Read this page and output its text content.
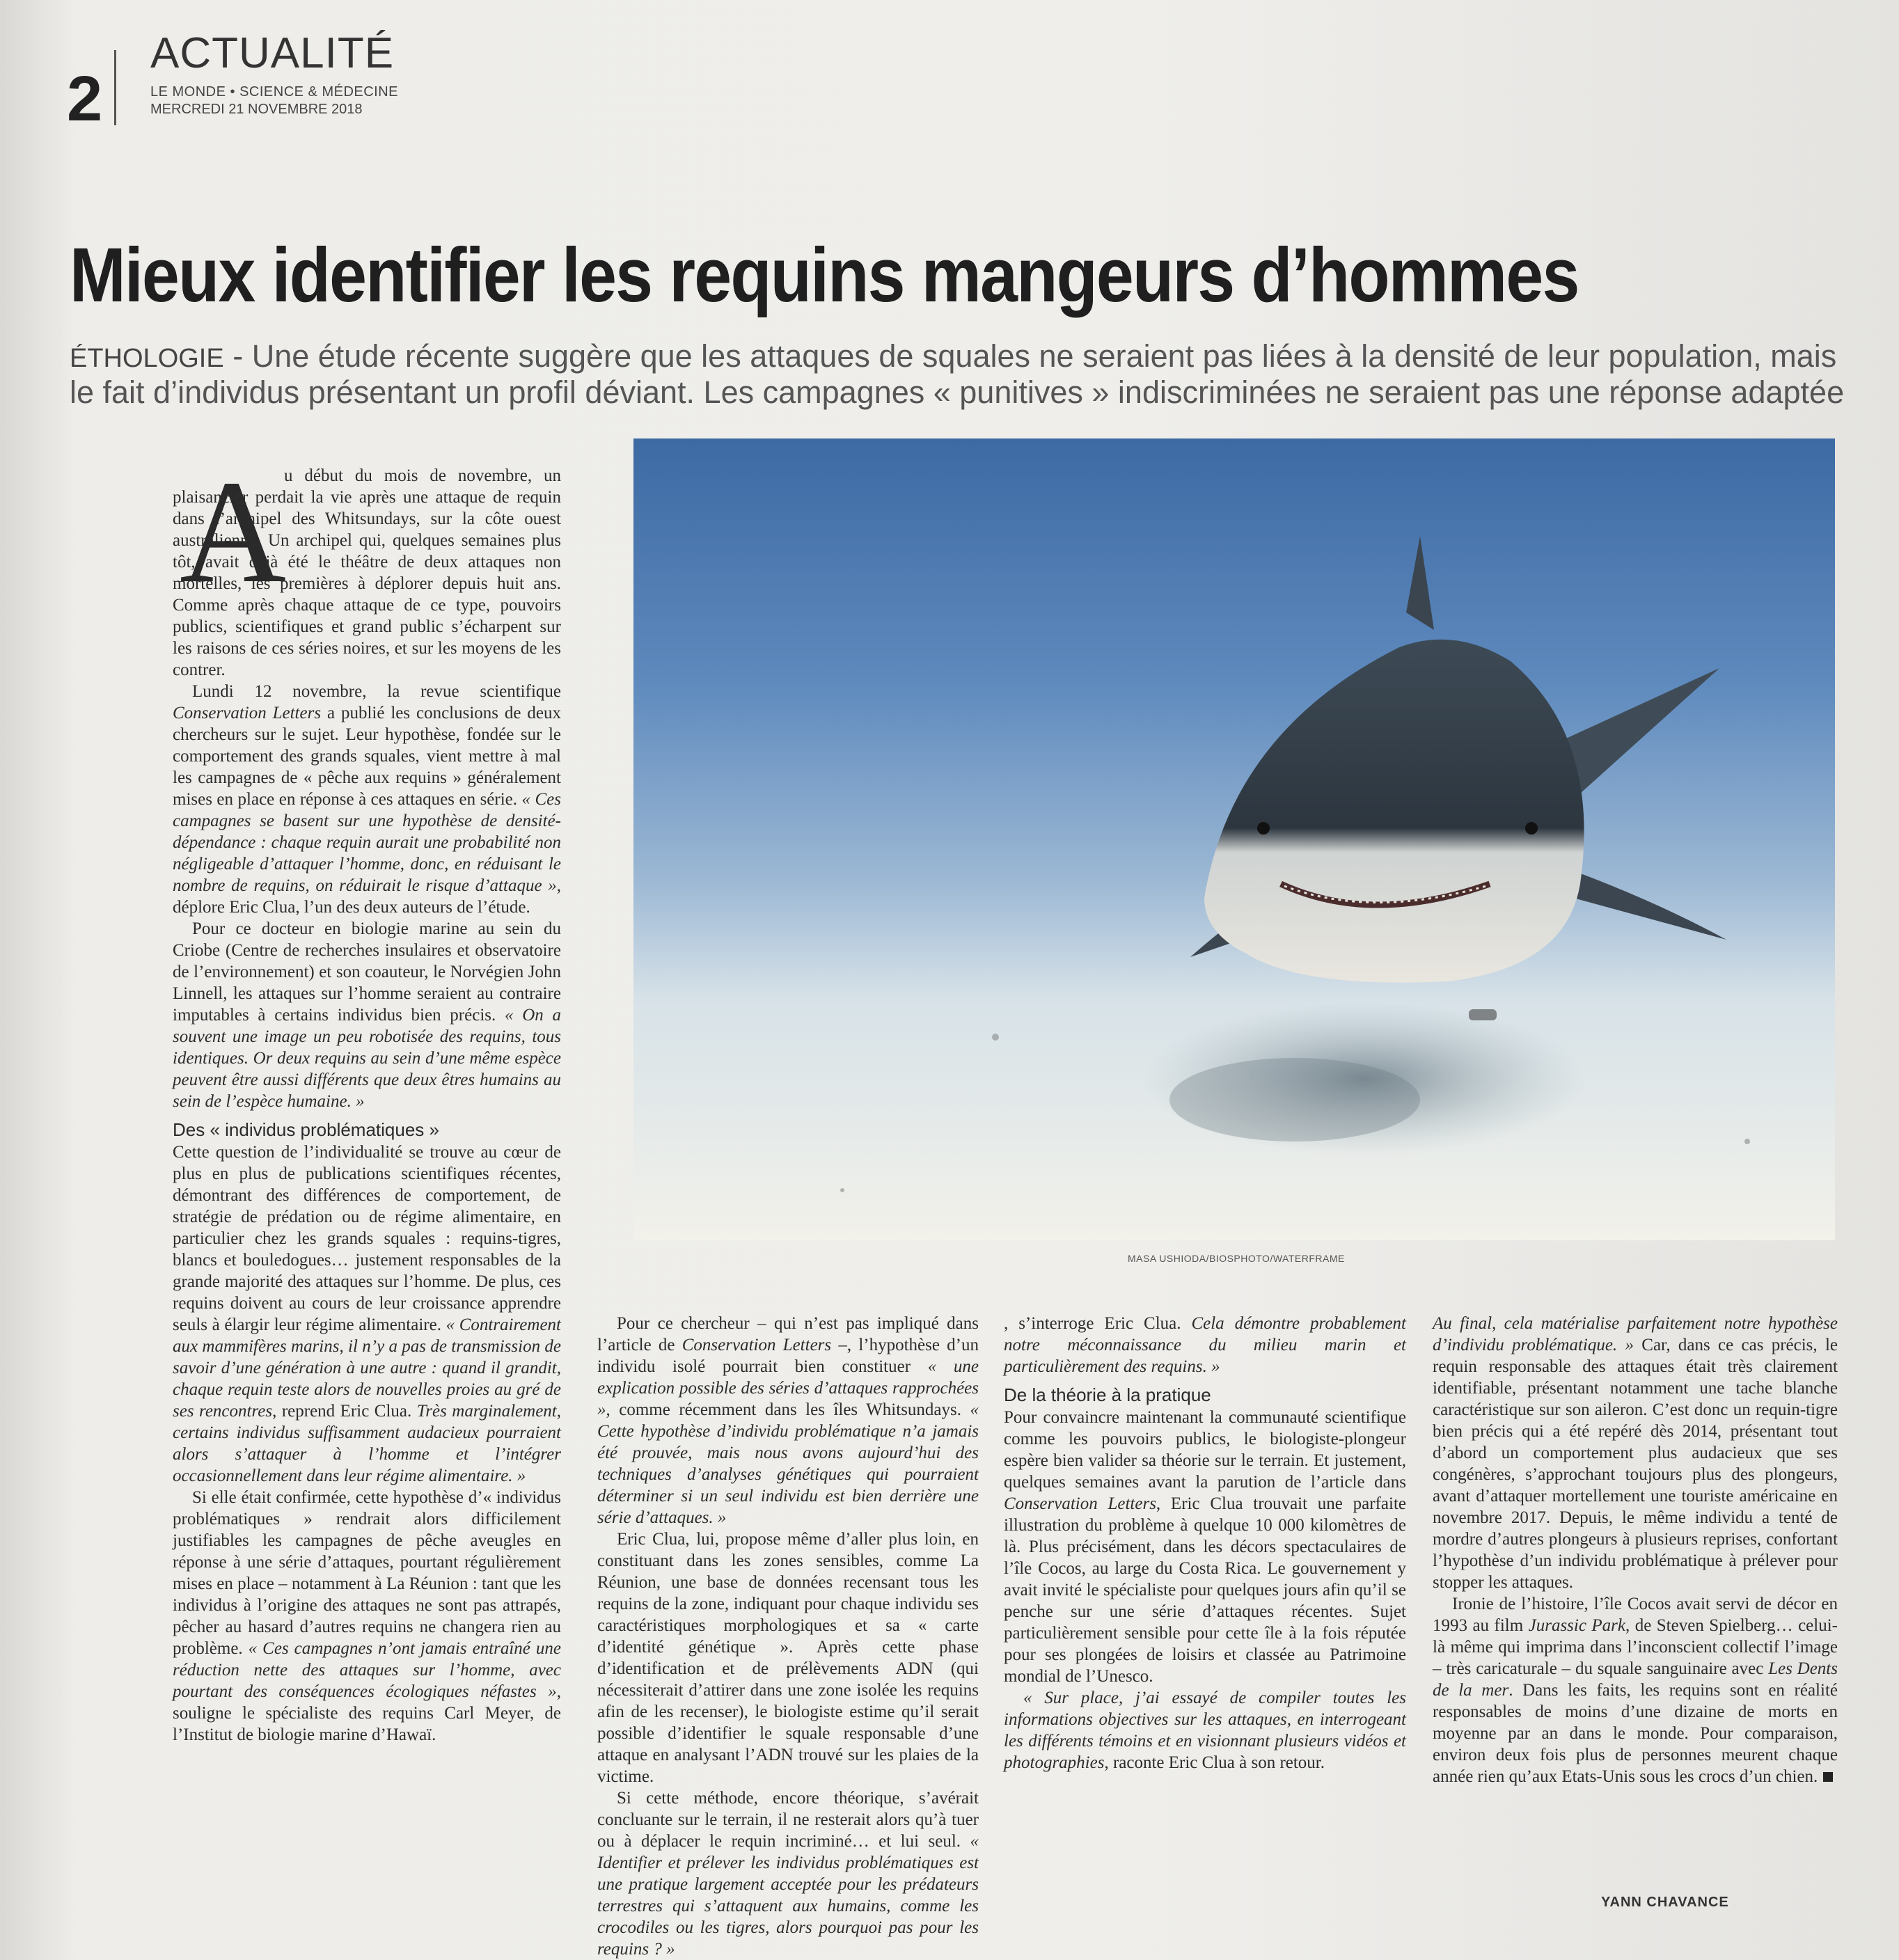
2
ACTUALITÉ
LE MONDE • SCIENCE & MÉDECINE
MERCREDI 21 NOVEMBRE 2018
Mieux identifier les requins mangeurs d’hommes
ÉTHOLOGIE - Une étude récente suggère que les attaques de squales ne seraient pas liées à la densité de leur population, mais le fait d’individus présentant un profil déviant. Les campagnes « punitives » indiscriminées ne seraient pas une réponse adaptée
MASA USHIODA/BIOSPHOTO/WATERFRAME
A

u début du mois de novembre, un plaisancier perdait la vie après une attaque de requin dans l’archipel des Whitsundays, sur la côte ouest australienne. Un archipel qui, quelques semaines plus tôt, avait déjà été le théâtre de deux attaques non mortelles, les premières à déplorer depuis huit ans. Comme après chaque attaque de ce type, pouvoirs publics, scientifiques et grand public s’écharpent sur les raisons de ces séries noires, et sur les moyens de les contrer.

Lundi 12 novembre, la revue scientifique Conservation Letters a publié les conclusions de deux chercheurs sur le sujet. Leur hypothèse, fondée sur le comportement des grands squales, vient mettre à mal les campagnes de « pêche aux requins » généralement mises en place en réponse à ces attaques en série. « Ces campagnes se basent sur une hypothèse de densité-dépendance : chaque requin aurait une probabilité non négligeable d’attaquer l’homme, donc, en réduisant le nombre de requins, on réduirait le risque d’attaque », déplore Eric Clua, l’un des deux auteurs de l’étude.

Pour ce docteur en biologie marine au sein du Criobe (Centre de recherches insulaires et observatoire de l’environnement) et son coauteur, le Norvégien John Linnell, les attaques sur l’homme seraient au contraire imputables à certains individus bien précis. « On a souvent une image un peu robotisée des requins, tous identiques. Or deux requins au sein d’une même espèce peuvent être aussi différents que deux êtres humains au sein de l’espèce humaine. »

Des « individus problématiques »

Cette question de l’individualité se trouve au cœur de plus en plus de publications scientifiques récentes, démontrant des différences de comportement, de stratégie de prédation ou de régime alimentaire, en particulier chez les grands squales : requins-tigres, blancs et bouledogues… justement responsables de la grande majorité des attaques sur l’homme. De plus, ces requins doivent au cours de leur croissance apprendre seuls à élargir leur régime alimentaire. « Contrairement aux mammifères marins, il n’y a pas de transmission de savoir d’une génération à une autre : quand il grandit, chaque requin teste alors de nouvelles proies au gré de ses rencontres, reprend Eric Clua. Très marginalement, certains individus suffisamment audacieux pourraient alors s’attaquer à l’homme et l’intégrer occasionnellement dans leur régime alimentaire. »

Si elle était confirmée, cette hypothèse d’« individus problématiques » rendrait alors difficilement justifiables les campagnes de pêche aveugles en réponse à une série d’attaques, pourtant régulièrement mises en place – notamment à La Réunion : tant que les individus à l’origine des attaques ne sont pas attrapés, pêcher au hasard d’autres requins ne changera rien au problème. « Ces campagnes n’ont jamais entraîné une réduction nette des attaques sur l’homme, avec pourtant des conséquences écologiques néfastes », souligne le spécialiste des requins Carl Meyer, de l’Institut de biologie marine d’Hawaï.

Pour ce chercheur – qui n’est pas impliqué dans l’article de Conservation Letters –, l’hypothèse d’un individu isolé pourrait bien constituer « une explication possible des séries d’attaques rapprochées », comme récemment dans les îles Whitsundays. « Cette hypothèse d’individu problématique n’a jamais été prouvée, mais nous avons aujourd’hui des techniques d’analyses génétiques qui pourraient déterminer si un seul individu est bien derrière une série d’attaques. »

Eric Clua, lui, propose même d’aller plus loin, en constituant dans les zones sensibles, comme La Réunion, une base de données recensant tous les requins de la zone, indiquant pour chaque individu ses caractéristiques morphologiques et sa « carte d’identité génétique ». Après cette phase d’identification et de prélèvements ADN (qui nécessiterait d’attirer dans une zone isolée les requins afin de les recenser), le biologiste estime qu’il serait possible d’identifier le squale responsable d’une attaque en analysant l’ADN trouvé sur les plaies de la victime.

Si cette méthode, encore théorique, s’avérait concluante sur le terrain, il ne resterait alors qu’à tuer ou à déplacer le requin incriminé… et lui seul. « Identifier et prélever les individus problématiques est une pratique largement acceptée pour les prédateurs terrestres qui s’attaquent aux humains, comme les crocodiles ou les tigres, alors pourquoi pas pour les requins ? »

, s’interroge Eric Clua. Cela démontre probablement notre méconnaissance du milieu marin et particulièrement des requins. »

De la théorie à la pratique

Pour convaincre maintenant la communauté scientifique comme les pouvoirs publics, le biologiste-plongeur espère bien valider sa théorie sur le terrain. Et justement, quelques semaines avant la parution de l’article dans Conservation Letters, Eric Clua trouvait une parfaite illustration du problème à quelque 10 000 kilomètres de là. Plus précisément, dans les décors spectaculaires de l’île Cocos, au large du Costa Rica. Le gouvernement y avait invité le spécialiste pour quelques jours afin qu’il se penche sur une série d’attaques récentes. Sujet particulièrement sensible pour cette île à la fois réputée pour ses plongées de loisirs et classée au Patrimoine mondial de l’Unesco.

« Sur place, j’ai essayé de compiler toutes les informations objectives sur les attaques, en interrogeant les différents témoins et en visionnant plusieurs vidéos et photographies, raconte Eric Clua à son retour.

Au final, cela matérialise parfaitement notre hypothèse d’individu problématique. » Car, dans ce cas précis, le requin responsable des attaques était très clairement identifiable, présentant notamment une tache blanche caractéristique sur son aileron. C’est donc un requin-tigre bien précis qui a été repéré dès 2014, présentant tout d’abord un comportement plus audacieux que ses congénères, s’approchant toujours plus des plongeurs, avant d’attaquer mortellement une touriste américaine en novembre 2017. Depuis, le même individu a tenté de mordre d’autres plongeurs à plusieurs reprises, confortant l’hypothèse d’un individu problématique à prélever pour stopper les attaques.

Ironie de l’histoire, l’île Cocos avait servi de décor en 1993 au film Jurassic Park, de Steven Spielberg… celui-là même qui imprima dans l’inconscient collectif l’image – très caricaturale – du squale sanguinaire avec Les Dents de la mer. Dans les faits, les requins sont en réalité responsables de moins d’une dizaine de morts en moyenne par an dans le monde. Pour comparaison, environ deux fois plus de personnes meurent chaque année rien qu’aux Etats-Unis sous les crocs d’un chien.

YANN CHAVANCE
